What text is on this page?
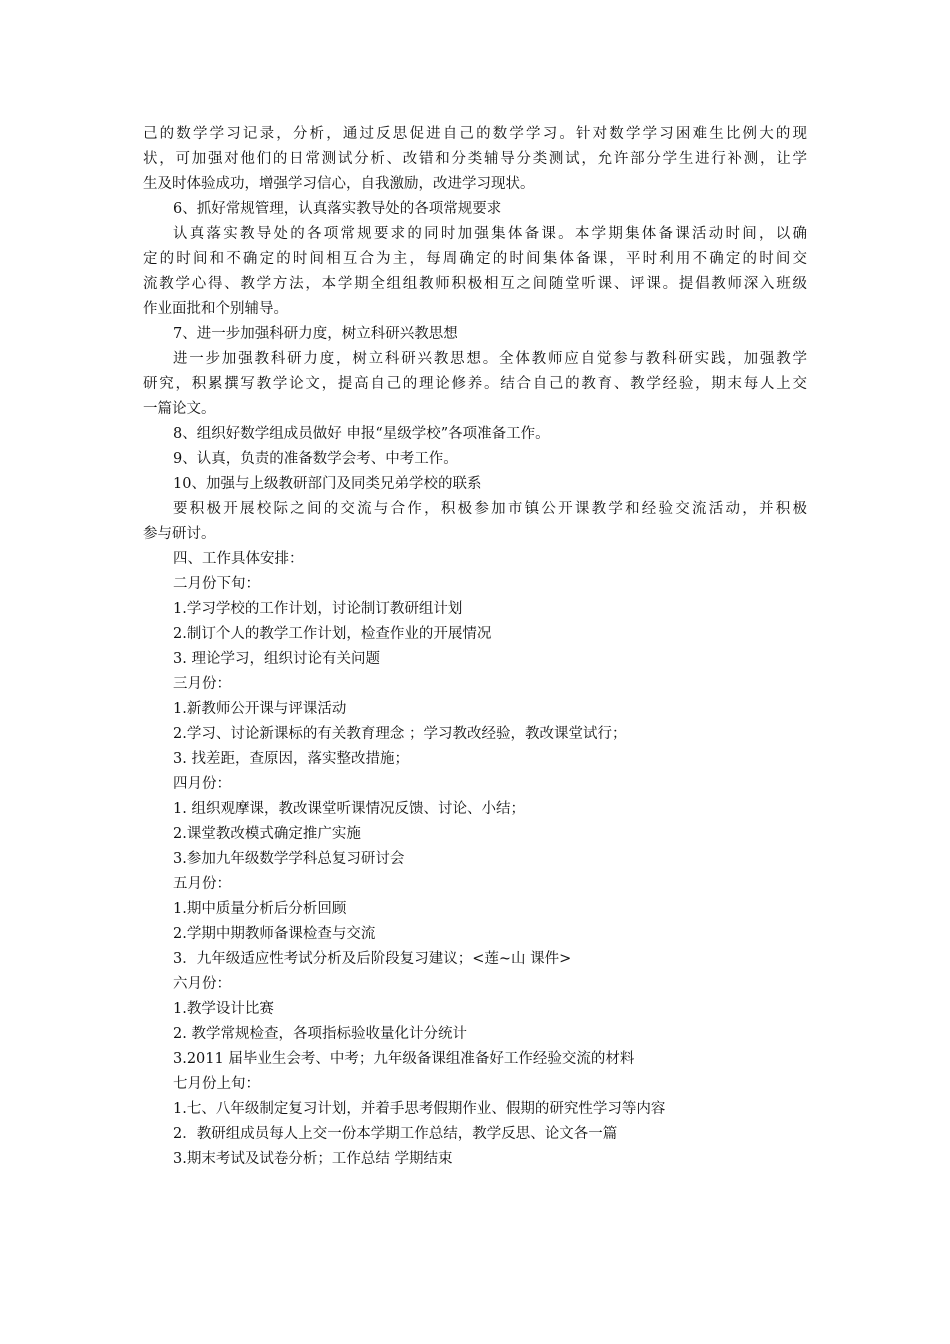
己的数学学习记录，分析，通过反思促进自己的数学学习。针对数学学习困难生比例大的现
状，可加强对他们的日常测试分析、改错和分类辅导分类测试，允许部分学生进行补测，让学
生及时体验成功，增强学习信心，自我激励，改进学习现状。
6、抓好常规管理，认真落实教导处的各项常规要求
认真落实教导处的各项常规要求的同时加强集体备课。本学期集体备课活动时间，以确
定的时间和不确定的时间相互合为主，每周确定的时间集体备课，平时利用不确定的时间交
流教学心得、教学方法，本学期全组组教师积极相互之间随堂听课、评课。提倡教师深入班级
作业面批和个别辅导。
7、进一步加强科研力度，树立科研兴教思想
进一步加强教科研力度，树立科研兴教思想。全体教师应自觉参与教科研实践，加强教学
研究，积累撰写教学论文，提高自己的理论修养。结合自己的教育、教学经验，期末每人上交
一篇论文。
8、组织好数学组成员做好 申报“星级学校”各项准备工作。
9、认真，负责的准备数学会考、中考工作。
10、加强与上级教研部门及同类兄弟学校的联系
要积极开展校际之间的交流与合作，积极参加市镇公开课教学和经验交流活动，并积极
参与研讨。
四、工作具体安排：
二月份下旬：
1.学习学校的工作计划，讨论制订教研组计划
2.制订个人的教学工作计划，检查作业的开展情况
3. 理论学习，组织讨论有关问题
三月份：
1.新教师公开课与评课活动
2.学习、讨论新课标的有关教育理念 ；学习教改经验，教改课堂试行；
3. 找差距，查原因，落实整改措施；
四月份：
1. 组织观摩课，教改课堂听课情况反馈、讨论、小结；
2.课堂教改模式确定推广实施
3.参加九年级数学学科总复习研讨会
五月份：
1.期中质量分析后分析回顾
2.学期中期教师备课检查与交流
3．九年级适应性考试分析及后阶段复习建议；<莲~山 课件>
六月份：
1.教学设计比赛
2. 教学常规检查，各项指标验收量化计分统计
3.2011 届毕业生会考、中考；九年级备课组准备好工作经验交流的材料
七月份上旬：
1.七、八年级制定复习计划，并着手思考假期作业、假期的研究性学习等内容
2．教研组成员每人上交一份本学期工作总结，教学反思、论文各一篇
3.期末考试及试卷分析；工作总结 学期结束
